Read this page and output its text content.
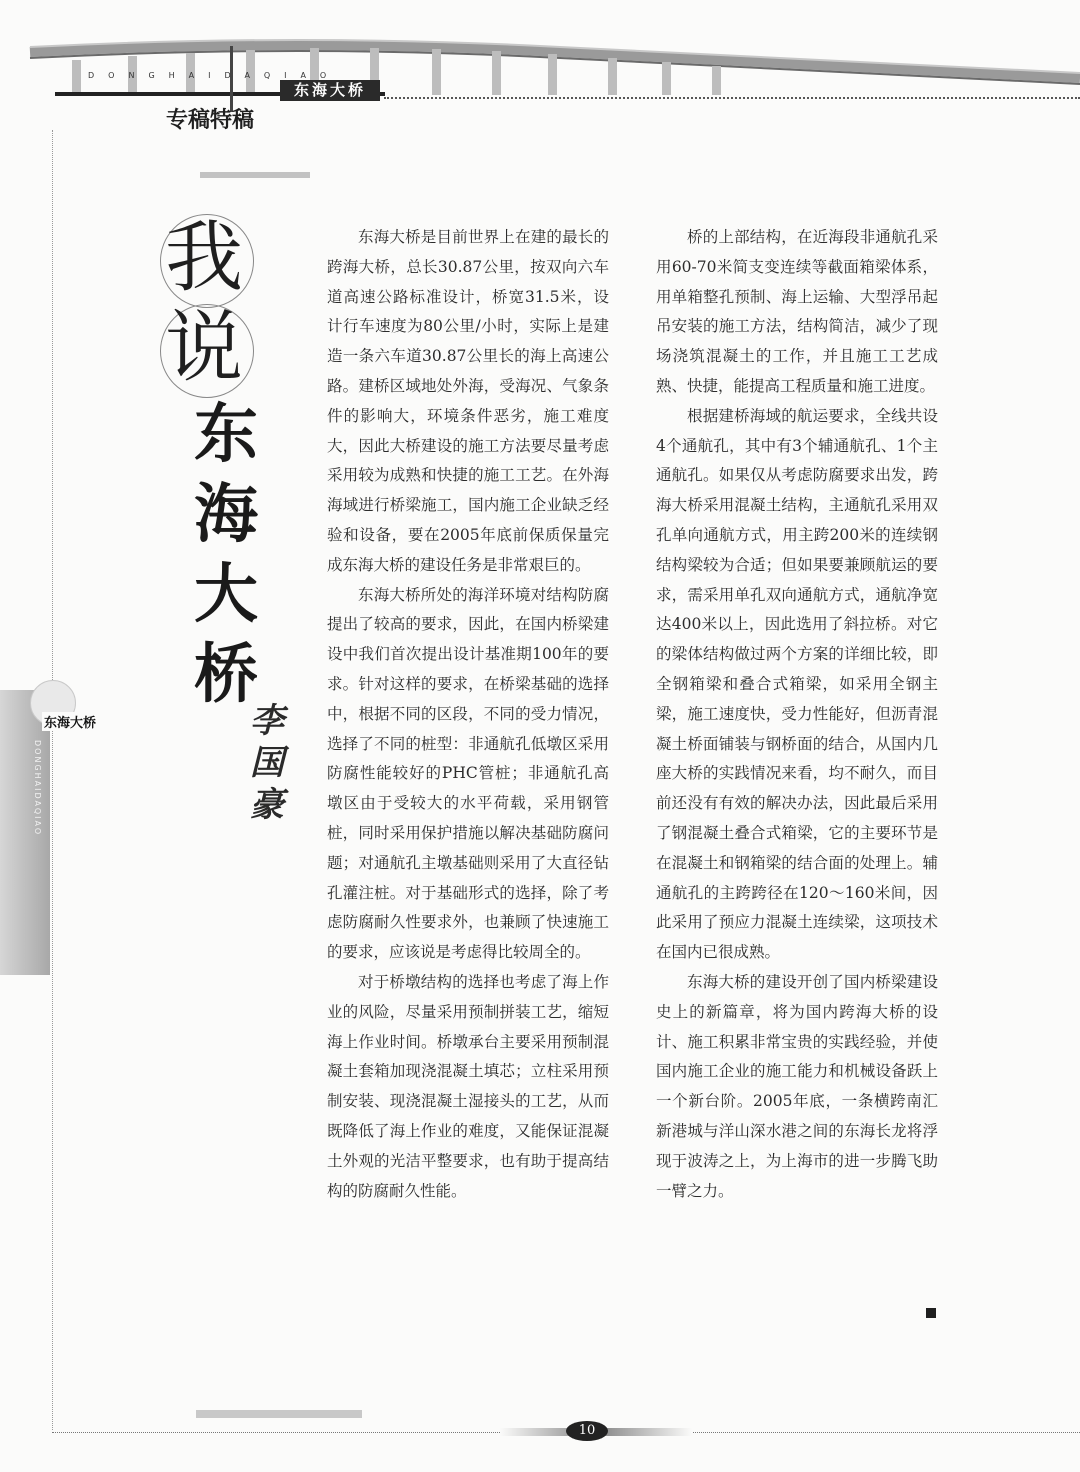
DONGHAIDAQIAO
东海大桥
专稿特稿
我
说
东
海
大
桥
李
国
豪
东海大桥
DONGHAIDAQIAO

东海大桥是目前世界上在建的最长的跨海大桥，总长30.87公里，按双向六车道高速公路标准设计，桥宽31.5米，设计行车速度为80公里/小时，实际上是建造一条六车道30.87公里长的海上高速公路。建桥区域地处外海，受海况、气象条件的影响大，环境条件恶劣，施工难度大，因此大桥建设的施工方法要尽量考虑采用较为成熟和快捷的施工工艺。在外海海域进行桥梁施工，国内施工企业缺乏经验和设备，要在2005年底前保质保量完成东海大桥的建设任务是非常艰巨的。

东海大桥所处的海洋环境对结构防腐提出了较高的要求，因此，在国内桥梁建设中我们首次提出设计基准期100年的要求。针对这样的要求，在桥梁基础的选择中，根据不同的区段，不同的受力情况，选择了不同的桩型：非通航孔低墩区采用防腐性能较好的PHC管桩；非通航孔高墩区由于受较大的水平荷载，采用钢管桩，同时采用保护措施以解决基础防腐问题；对通航孔主墩基础则采用了大直径钻孔灌注桩。对于基础形式的选择，除了考虑防腐耐久性要求外，也兼顾了快速施工的要求，应该说是考虑得比较周全的。

对于桥墩结构的选择也考虑了海上作业的风险，尽量采用预制拼装工艺，缩短海上作业时间。桥墩承台主要采用预制混凝土套箱加现浇混凝土填芯；立柱采用预制安装、现浇混凝土湿接头的工艺，从而既降低了海上作业的难度，又能保证混凝土外观的光洁平整要求，也有助于提高结构的防腐耐久性能。

桥的上部结构，在近海段非通航孔采用60-70米简支变连续等截面箱梁体系，用单箱整孔预制、海上运输、大型浮吊起吊安装的施工方法，结构简洁，减少了现场浇筑混凝土的工作，并且施工工艺成熟、快捷，能提高工程质量和施工进度。

根据建桥海域的航运要求，全线共设4个通航孔，其中有3个辅通航孔、1个主通航孔。如果仅从考虑防腐要求出发，跨海大桥采用混凝土结构，主通航孔采用双孔单向通航方式，用主跨200米的连续钢结构梁较为合适；但如果要兼顾航运的要求，需采用单孔双向通航方式，通航净宽达400米以上，因此选用了斜拉桥。对它的梁体结构做过两个方案的详细比较，即全钢箱梁和叠合式箱梁，如采用全钢主梁，施工速度快，受力性能好，但沥青混凝土桥面铺装与钢桥面的结合，从国内几座大桥的实践情况来看，均不耐久，而目前还没有有效的解决办法，因此最后采用了钢混凝土叠合式箱梁，它的主要环节是在混凝土和钢箱梁的结合面的处理上。辅通航孔的主跨跨径在120～160米间，因此采用了预应力混凝土连续梁，这项技术在国内已很成熟。

东海大桥的建设开创了国内桥梁建设史上的新篇章，将为国内跨海大桥的设计、施工积累非常宝贵的实践经验，并使国内施工企业的施工能力和机械设备跃上一个新台阶。2005年底，一条横跨南汇新港城与洋山深水港之间的东海长龙将浮现于波涛之上，为上海市的进一步腾飞助一臂之力。

10
